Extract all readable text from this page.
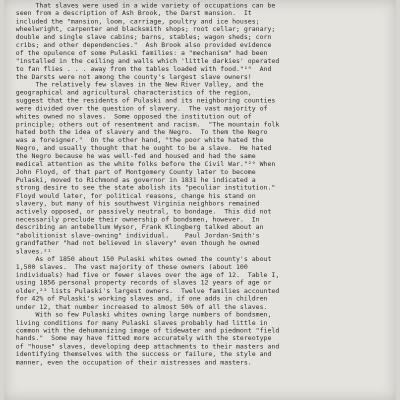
That slaves were used in a wide variety of occupations can be
seen from a description of Ash Brook, the Darst mansion.  It
included the "mansion, loom, carriage, poultry and ice houses;
wheelwright, carpenter and blacksmith shops; root cellar; granary;
double and single slave cabins; barns, stables; wagon sheds; corn
cribs; and other dependencies."  Ash Brook also provided evidence
of the opulence of some Pulaski families: a "mechanism" had been
"installed in the ceiling and walls which 'little darkies' operated
to fan flies . . . away from the tables loaded with food."¹⁹  And
the Darsts were not among the county's largest slave owners!
The relatively few slaves in the New River Valley, and the
geographical and agricultural characteristics of the region,
suggest that the residents of Pulaski and its neighboring counties
were divided over the question of slavery.  The vast majority of
whites owned no slaves.  Some opposed the institution out of
principle; others out of resentment and racism.  "The mountain folk
hated both the idea of slavery and the Negro.  To them the Negro
was a foreigner."  On the other hand, "the poor white hated the
Negro, and usually thought that he ought to be a slave.  He hated
the Negro because he was well-fed and housed and had the same
medical attention as the white folks before the Civil War."²⁰ When
John Floyd, of that part of Montgomery County later to become
Pulaski, moved to Richmond as governor in 1831 he indicated a
strong desire to see the state abolish its "peculiar institution."
Floyd would later, for political reasons, change his stand on
slavery, but many of his southwest Virginia neighbors remained
actively opposed, or passively neutral, to bondage.  This did not
necessarily preclude their ownership of bondsmen, however.  In
describing an antebellum Wysor, Frank Klingberg talked about an
"abolitionist slave-owning" individual.    Paul Jordan-Smith's
grandfather "had not believed in slavery" even though he owned
slaves.²¹
As of 1850 about 150 Pulaski whites owned the county's about
1,500 slaves.  The vast majority of these owners (about 100
individuals) had five or fewer slaves over the age of 12.  Table I,
using 1856 personal property records of slaves 12 years of age or
older,²² lists Pulaski's largest owners.  Twelve families accounted
for 42% of Pulaski's working slaves and, if one adds in children
under 12, that number increased to almost 50% of all the slaves.
With so few Pulaski whites owning large numbers of bondsmen,
living conditions for many Pulaski slaves probably had little in
common with the dehumanizing image of tidewater and piedmont "field
hands."  Some may have fitted more accurately with the stereotype
of "house" slaves, developing deep attachments to their masters and
identifying themselves with the success or failure, the style and
manner, even the occupation of their mistresses and masters.
